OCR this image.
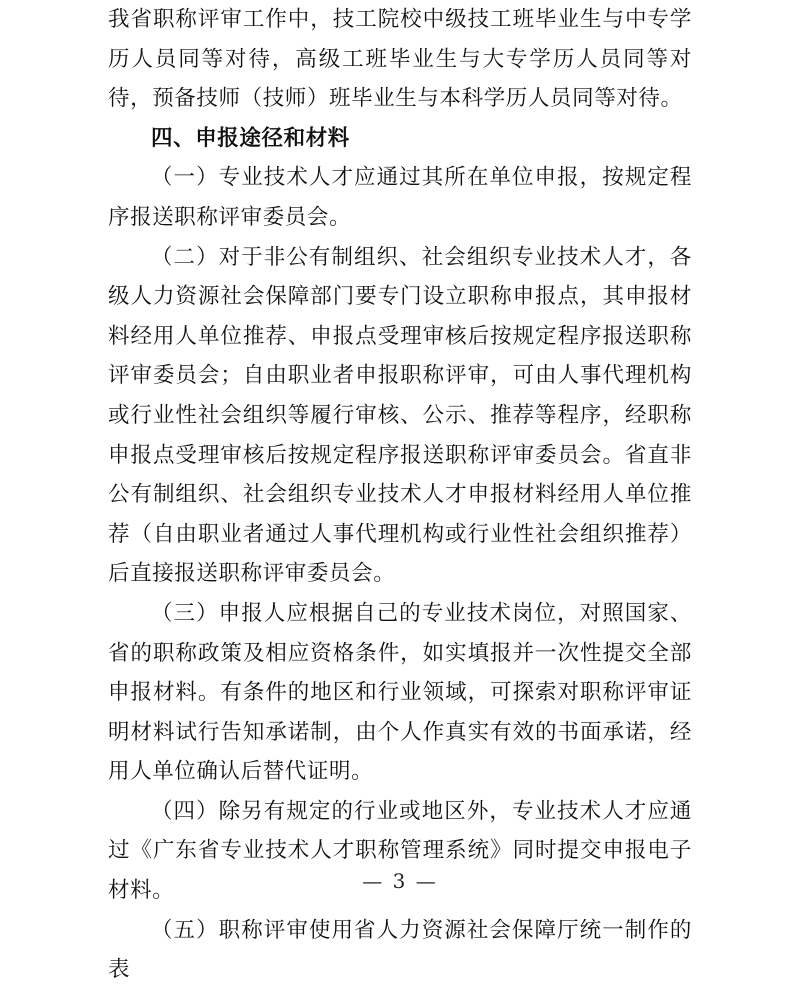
我省职称评审工作中，技工院校中级技工班毕业生与中专学历人员同等对待，高级工班毕业生与大专学历人员同等对待，预备技师（技师）班毕业生与本科学历人员同等对待。

四、申报途径和材料

（一）专业技术人才应通过其所在单位申报，按规定程序报送职称评审委员会。

（二）对于非公有制组织、社会组织专业技术人才，各级人力资源社会保障部门要专门设立职称申报点，其申报材料经用人单位推荐、申报点受理审核后按规定程序报送职称评审委员会；自由职业者申报职称评审，可由人事代理机构或行业性社会组织等履行审核、公示、推荐等程序，经职称申报点受理审核后按规定程序报送职称评审委员会。省直非公有制组织、社会组织专业技术人才申报材料经用人单位推荐（自由职业者通过人事代理机构或行业性社会组织推荐）后直接报送职称评审委员会。

（三）申报人应根据自己的专业技术岗位，对照国家、省的职称政策及相应资格条件，如实填报并一次性提交全部申报材料。有条件的地区和行业领域，可探索对职称评审证明材料试行告知承诺制，由个人作真实有效的书面承诺，经用人单位确认后替代证明。

（四）除另有规定的行业或地区外，专业技术人才应通过《广东省专业技术人才职称管理系统》同时提交申报电子材料。

（五）职称评审使用省人力资源社会保障厅统一制作的表

— 3 —
